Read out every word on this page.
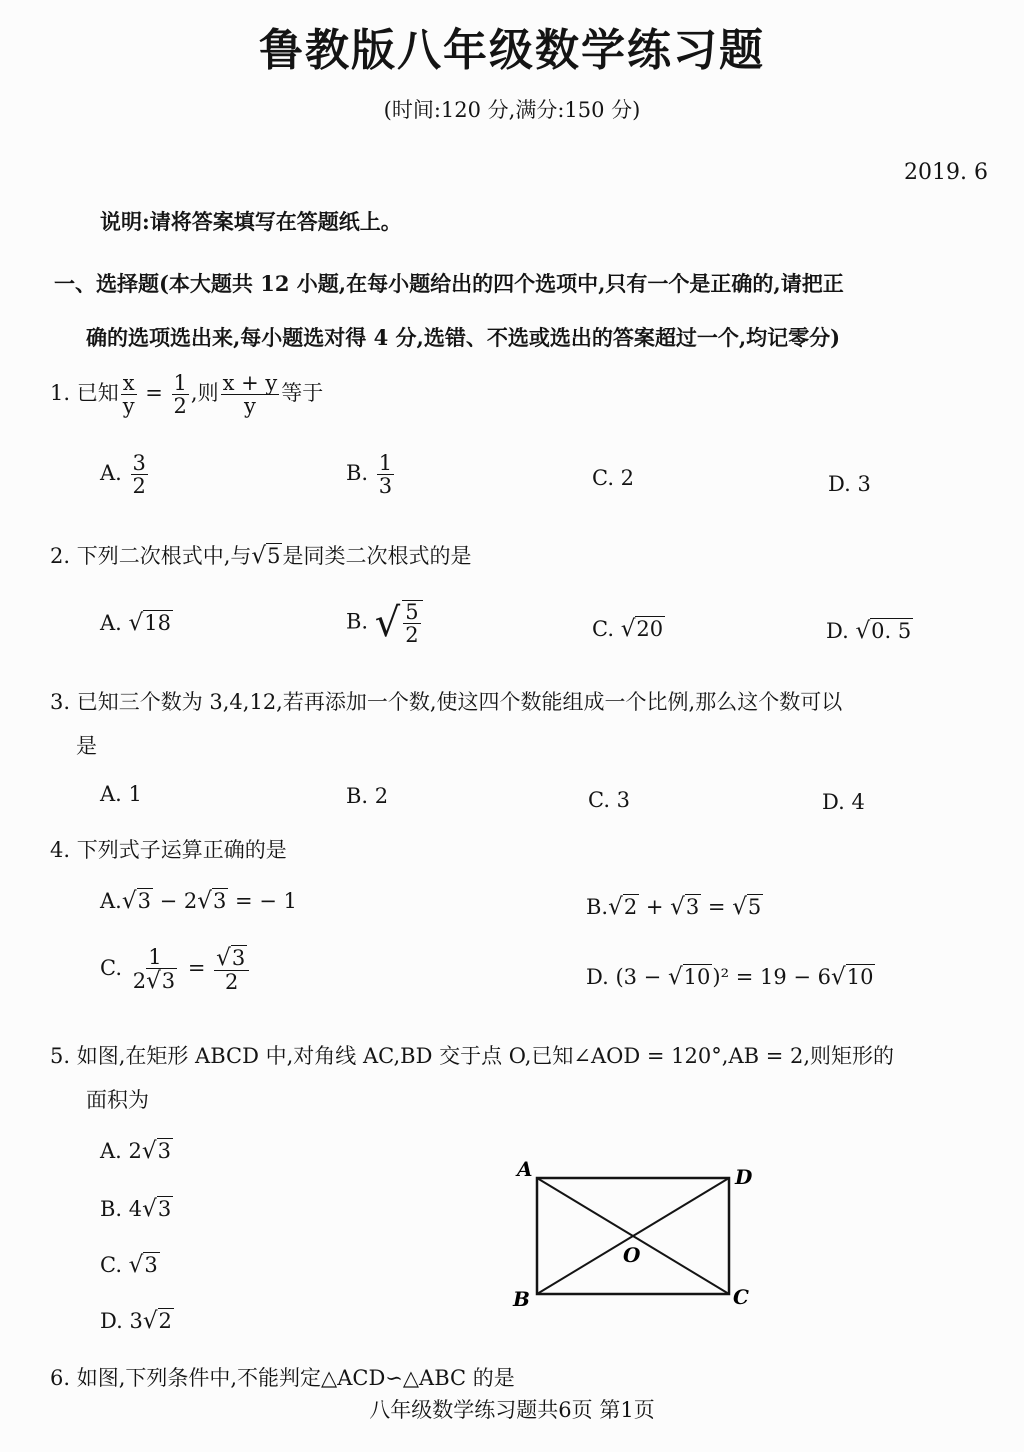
鲁教版八年级数学练习题
(时间:120 分,满分:150 分)
2019. 6
说明:请将答案填写在答题纸上。
一、选择题(本大题共 12 小题,在每小题给出的四个选项中,只有一个是正确的,请把正
确的选项选出来,每小题选对得 4 分,选错、不选或选出的答案超过一个,均记零分)
1. 已知 $\frac{x}{y} = \frac{1}{2}$ ,则 $\frac{x + y}{y}$ 等于
A. $\frac{3}{2}$	B. $\frac{1}{3}$	C. 2	D. 3
2. 下列二次根式中,与√5是同类二次根式的是
A. √18	B. √ $\frac{5}{2}$	C. √20	D. √0. 5
3. 已知三个数为 3,4,12,若再添加一个数,使这四个数能组成一个比例,那么这个数可以
是
A. 1	B. 2	C. 3	D. 4
4. 下列式子运算正确的是
A.√3 − 2√3 = − 1	B.√2 + √3 = √5
C. $\frac{1}{2√3} = \frac{√3}{2}$	D. (3 − √10)² = 19 − 6√10
5. 如图,在矩形 ABCD 中,对角线 AC,BD 交于点 O,已知∠AOD = 120°,AB = 2,则矩形的
面积为
A. 2√3
B. 4√3
C. √3
D. 3√2
A	D
B	C
O
6. 如图,下列条件中,不能判定△ACD∽△ABC 的是
八年级数学练习题共6页 第1页
